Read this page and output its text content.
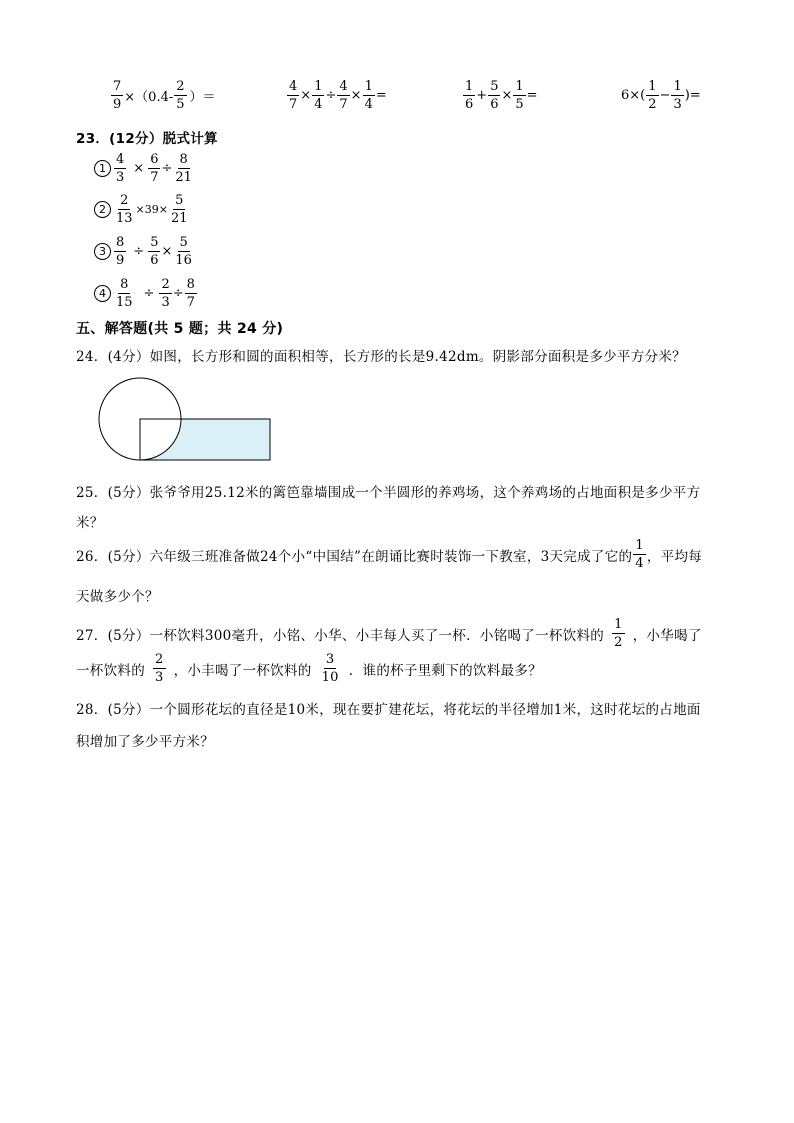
$\frac{7}{9} \times(0.4- \frac{2}{5}$ ）＝	$\frac{4}{7} \times \frac{1}{4} \div \frac{4}{7} \times \frac{1}{4}$ =	$\frac{1}{6} + \frac{5}{6} \times \frac{1}{5}$ =	$6\times( \frac{1}{2} - \frac{1}{3}$ )=
23．(12分）脱式计算
$1 \frac{4}{3} \times \frac{6}{7} \div \frac{8}{21}$
$2 \frac{2}{13} \times 39\times \frac{5}{21}$
$3 \frac{8}{9} \div \frac{5}{6} \times \frac{5}{16}$
$4 \frac{8}{15} \div \frac{2}{3} \div \frac{8}{7}$
五、解答题(共 5 题；共 24 分)
24．(4分）如图，长方形和圆的面积相等，长方形的长是9.42dm。阴影部分面积是多少平方分米？
25．(5分）张爷爷用25.12米的篱笆靠墙围成一个半圆形的养鸡场，这个养鸡场的占地面积是多少平方
米？
26．(5分）六年级三班准备做24个小“中国结”在朗诵比赛时装饰一下教室，3天完成了它的 $\frac{1}{4}$ ，平均每
天做多少个？
27．(5分）一杯饮料300毫升，小铭、小华、小丰每人买了一杯．小铭喝了一杯饮料的 $\frac{1}{2}$ ，小华喝了
一杯饮料的 $\frac{2}{3}$ ，小丰喝了一杯饮料的 $\frac{3}{10}$ ．谁的杯子里剩下的饮料最多？
28．(5分）一个圆形花坛的直径是10米，现在要扩建花坛，将花坛的半径增加1米，这时花坛的占地面
积增加了多少平方米？
